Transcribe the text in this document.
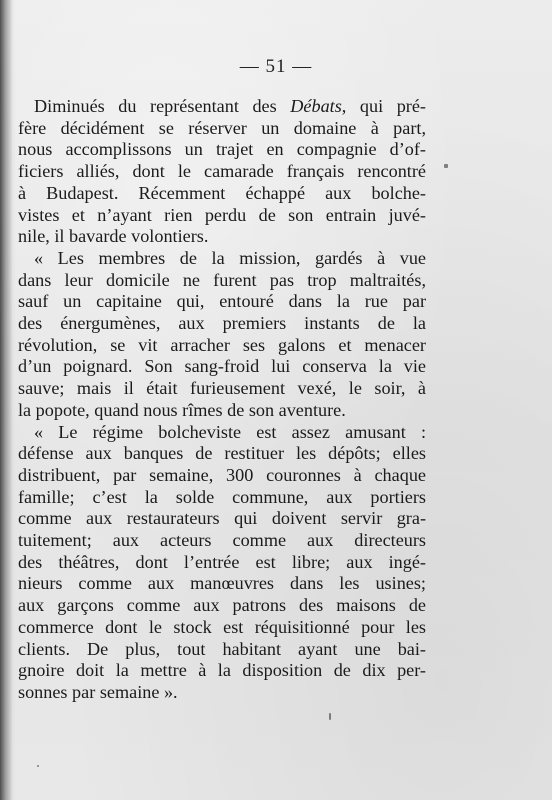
— 51 —
Diminués du représentant des Débats, qui pré-
fère décidément se réserver un domaine à part,
nous accomplissons un trajet en compagnie d’of-
ficiers alliés, dont le camarade français rencontré
à Budapest. Récemment échappé aux bolche-
vistes et n’ayant rien perdu de son entrain juvé-
nile, il bavarde volontiers.
« Les membres de la mission, gardés à vue
dans leur domicile ne furent pas trop maltraités,
sauf un capitaine qui, entouré dans la rue par
des énergumènes, aux premiers instants de la
révolution, se vit arracher ses galons et menacer
d’un poignard. Son sang-froid lui conserva la vie
sauve; mais il était furieusement vexé, le soir, à
la popote, quand nous rîmes de son aventure.
« Le régime bolcheviste est assez amusant :
défense aux banques de restituer les dépôts; elles
distribuent, par semaine, 300 couronnes à chaque
famille; c’est la solde commune, aux portiers
comme aux restaurateurs qui doivent servir gra-
tuitement; aux acteurs comme aux directeurs
des théâtres, dont l’entrée est libre; aux ingé-
nieurs comme aux manœuvres dans les usines;
aux garçons comme aux patrons des maisons de
commerce dont le stock est réquisitionné pour les
clients. De plus, tout habitant ayant une bai-
gnoire doit la mettre à la disposition de dix per-
sonnes par semaine ».
